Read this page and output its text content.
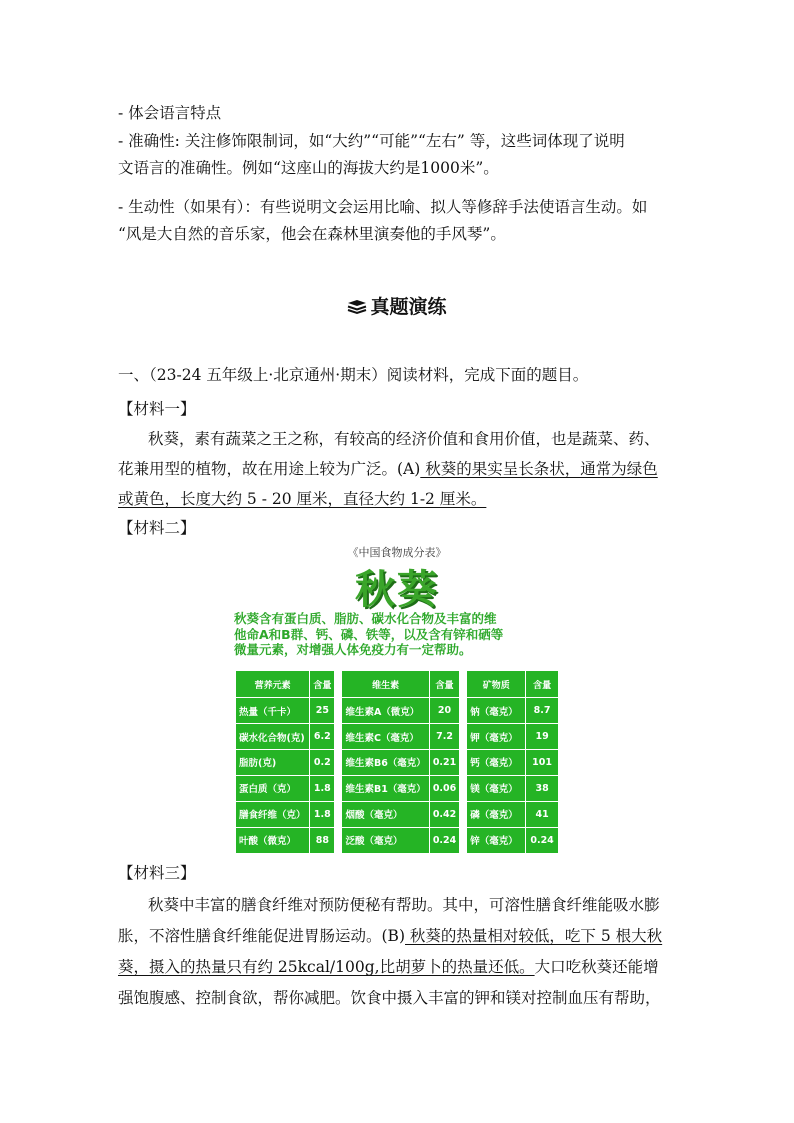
- 体会语言特点
- 准确性: 关注修饰限制词，如“大约”“可能”“左右” 等，这些词体现了说明
文语言的准确性。例如“这座山的海拔大约是1000米”。
- 生动性（如果有）：有些说明文会运用比喻、拟人等修辞手法使语言生动。如
“风是大自然的音乐家，他会在森林里演奏他的手风琴”。
真题演练
一、（23-24 五年级上·北京通州·期末）阅读材料，完成下面的题目。
【材料一】
秋葵，素有蔬菜之王之称，有较高的经济价值和食用价值，也是蔬菜、药、
花兼用型的植物，故在用途上较为广泛。(A) 秋葵的果实呈长条状，通常为绿色
或黄色，长度大约 5 - 20 厘米，直径大约 1-2 厘米。
【材料二】
《中国食物成分表》
秋葵
秋葵含有蛋白质、脂肪、碳水化合物及丰富的维
他命A和B群、钙、磷、铁等，以及含有锌和硒等
微量元素，对增强人体免疫力有一定帮助。
营养元素	含量
热量（千卡）	25
碳水化合物(克)	6.2
脂肪(克)	0.2
蛋白质（克）	1.8
膳食纤维（克）	1.8
叶酸（微克）	88
维生素	含量
维生素A（微克）	20
维生素C（毫克）	7.2
维生素B6（毫克）	0.21
维生素B1（毫克）	0.06
烟酸（毫克）	0.42
泛酸（毫克）	0.24
矿物质	含量
钠（毫克）	8.7
钾（毫克）	19
钙（毫克）	101
镁（毫克）	38
磷（毫克）	41
锌（毫克）	0.24
【材料三】
秋葵中丰富的膳食纤维对预防便秘有帮助。其中，可溶性膳食纤维能吸水膨
胀，不溶性膳食纤维能促进胃肠运动。(B) 秋葵的热量相对较低，吃下 5 根大秋
葵，摄入的热量只有约 25kcal/100g,比胡萝卜的热量还低。大口吃秋葵还能增
强饱腹感、控制食欲，帮你减肥。饮食中摄入丰富的钾和镁对控制血压有帮助，
